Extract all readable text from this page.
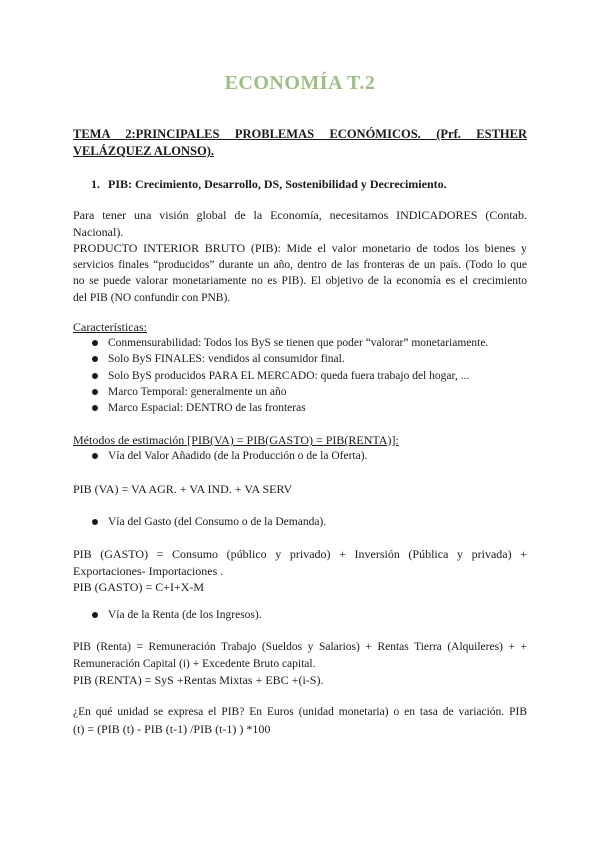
ECONOMÍA T.2
TEMA 2:PRINCIPALES PROBLEMAS ECONÓMICOS. (Prf. ESTHER
VELÁZQUEZ ALONSO).
1. PIB: Crecimiento, Desarrollo, DS, Sostenibilidad y Decrecimiento.
Para tener una visión global de la Economía, necesitamos INDICADORES (Contab.
Nacional).
PRODUCTO INTERIOR BRUTO (PIB): Mide el valor monetario de todos los bienes y
servicios finales “producidos” durante un año, dentro de las fronteras de un país. (Todo lo que
no se puede valorar monetariamente no es PIB). El objetivo de la economía es el crecimiento
del PIB (NO confundir con PNB).
Características:
Conmensurabilidad: Todos los ByS se tienen que poder “valorar” monetariamente.
Solo ByS FINALES: vendidos al consumidor final.
Solo ByS producidos PARA EL MERCADO: queda fuera trabajo del hogar, ...
Marco Temporal: generalmente un año
Marco Espacial: DENTRO de las fronteras
Métodos de estimación [PIB(VA) = PIB(GASTO) = PIB(RENTA)]:
Vía del Valor Añadido (de la Producción o de la Oferta).
PIB (VA) = VA AGR. + VA IND. + VA SERV
Vía del Gasto (del Consumo o de la Demanda).
PIB (GASTO) = Consumo (público y privado) + Inversión (Pública y privada) +
Exportaciones- Importaciones .
PIB (GASTO) = C+I+X-M
Vía de la Renta (de los Ingresos).
PIB (Renta) = Remuneración Trabajo (Sueldos y Salarios) + Rentas Tierra (Alquileres) + +
Remuneración Capital (i) + Excedente Bruto capital.
PIB (RENTA) = SyS +Rentas Mixtas + EBC +(i-S).
¿En qué unidad se expresa el PIB? En Euros (unidad monetaria) o en tasa de variación. PIB
(t) = (PIB (t) - PIB (t-1) /PIB (t-1) ) *100
